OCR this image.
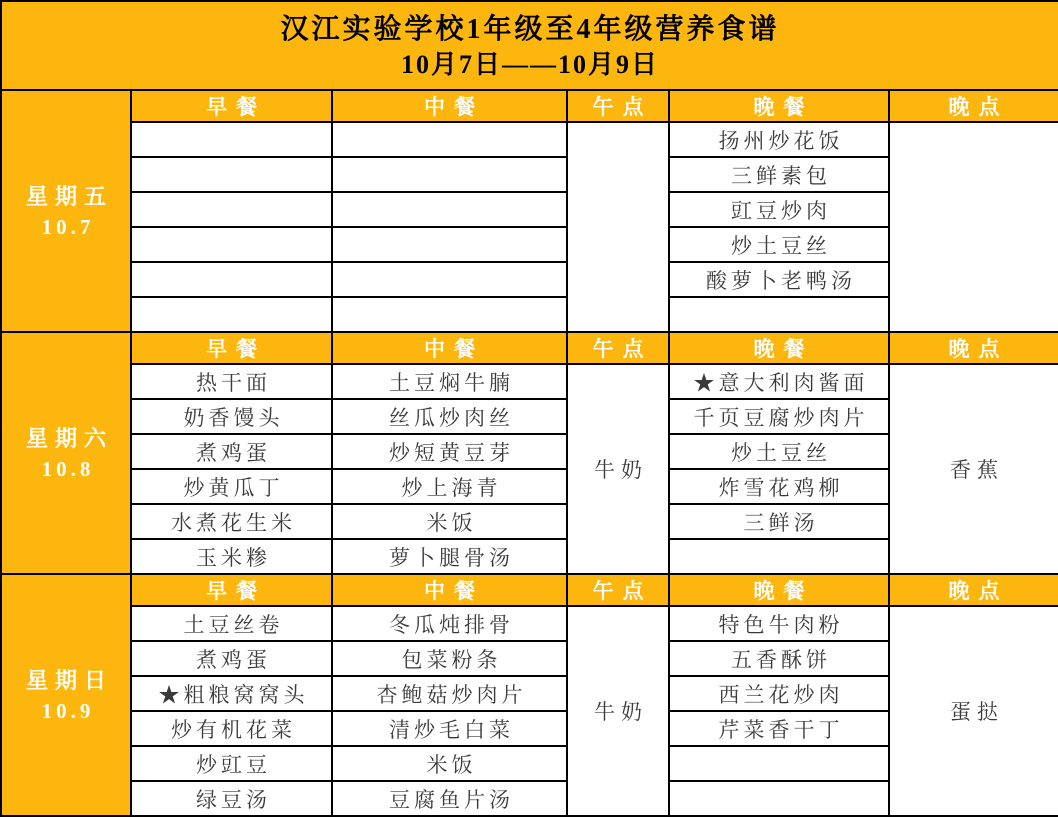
汉江实验学校1年级至4年级营养食谱
10月7日——10月9日					

星期五
10.7	早餐	中餐	午点	晚餐	晚点
				扬州炒花饭	
				三鲜素包	
				豇豆炒肉	
				炒土豆丝	
				酸萝卜老鸭汤	

星期六
10.8	早餐	中餐	午点	晚餐	晚点
	热干面	土豆焖牛腩	牛奶	★意大利肉酱面	香蕉
	奶香馒头	丝瓜炒肉丝		千页豆腐炒肉片	
	煮鸡蛋	炒短黄豆芽		炒土豆丝	
	炒黄瓜丁	炒上海青		炸雪花鸡柳	
	水煮花生米	米饭		三鲜汤	
	玉米糁	萝卜腿骨汤			

星期日
10.9	早餐	中餐	午点	晚餐	晚点
	土豆丝卷	冬瓜炖排骨	牛奶	特色牛肉粉	蛋挞
	煮鸡蛋	包菜粉条		五香酥饼	
	★粗粮窝窝头	杏鲍菇炒肉片		西兰花炒肉	
	炒有机花菜	清炒毛白菜		芹菜香干丁	
	炒豇豆	米饭			
	绿豆汤	豆腐鱼片汤			
